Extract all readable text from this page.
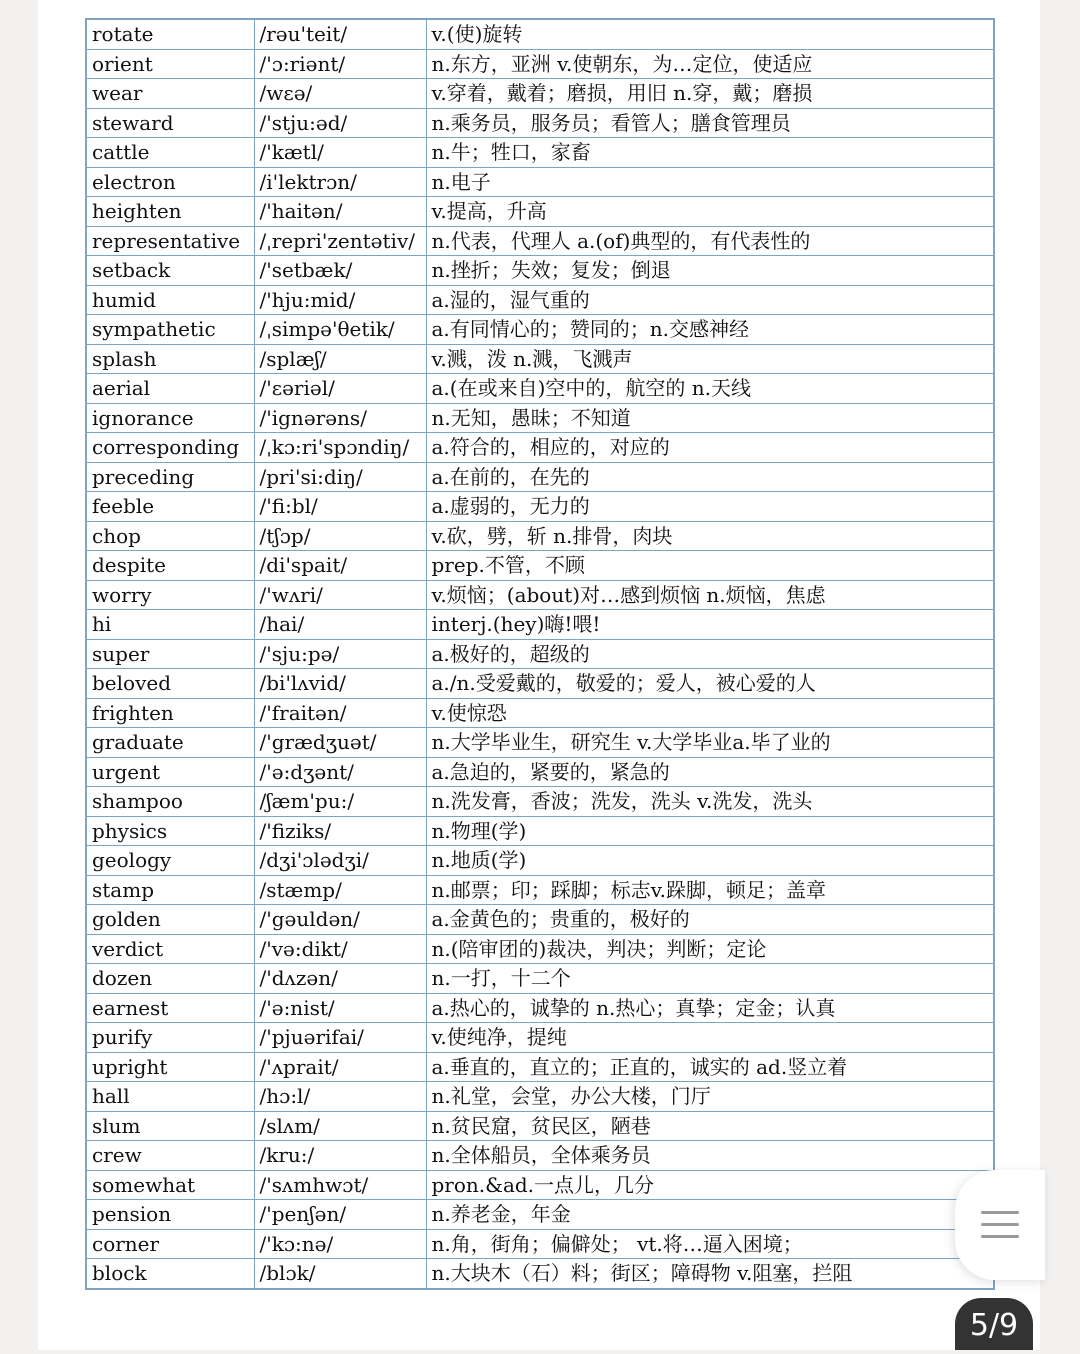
rotate	/rəu'teit/	v.(使)旋转
orient	/'ɔ:riənt/	n.东方，亚洲 v.使朝东，为…定位，使适应
wear	/wɛə/	v.穿着，戴着；磨损，用旧 n.穿，戴；磨损
steward	/'stju:əd/	n.乘务员，服务员；看管人；膳食管理员
cattle	/'kætl/	n.牛；牲口，家畜
electron	/i'lektrɔn/	n.电子
heighten	/'haitən/	v.提高，升高
representative	/ˌrepri'zentətiv/	n.代表，代理人 a.(of)典型的，有代表性的
setback	/'setbæk/	n.挫折；失效；复发；倒退
humid	/'hju:mid/	a.湿的，湿气重的
sympathetic	/ˌsimpə'θetik/	a.有同情心的；赞同的；n.交感神经
splash	/splæʃ/	v.溅，泼 n.溅，飞溅声
aerial	/'ɛəriəl/	a.(在或来自)空中的，航空的 n.天线
ignorance	/'ignərəns/	n.无知，愚昧；不知道
corresponding	/ˌkɔ:ri'spɔndiŋ/	a.符合的，相应的，对应的
preceding	/pri'si:diŋ/	a.在前的，在先的
feeble	/'fi:bl/	a.虚弱的，无力的
chop	/tʃɔp/	v.砍，劈，斩 n.排骨，肉块
despite	/di'spait/	prep.不管，不顾
worry	/'wʌri/	v.烦恼；(about)对…感到烦恼 n.烦恼，焦虑
hi	/hai/	interj.(hey)嗨!喂!
super	/'sju:pə/	a.极好的，超级的
beloved	/bi'lʌvid/	a./n.受爱戴的，敬爱的；爱人，被心爱的人
frighten	/'fraitən/	v.使惊恐
graduate	/'grædʒuət/	n.大学毕业生，研究生 v.大学毕业a.毕了业的
urgent	/'ə:dʒənt/	a.急迫的，紧要的，紧急的
shampoo	/ʃæm'pu:/	n.洗发膏，香波；洗发，洗头 v.洗发，洗头
physics	/'fiziks/	n.物理(学)
geology	/dʒi'ɔlədʒi/	n.地质(学)
stamp	/stæmp/	n.邮票；印；踩脚；标志v.跺脚，顿足；盖章
golden	/'gəuldən/	a.金黄色的；贵重的，极好的
verdict	/'və:dikt/	n.(陪审团的)裁决，判决；判断；定论
dozen	/'dʌzən/	n.一打，十二个
earnest	/'ə:nist/	a.热心的，诚挚的 n.热心；真挚；定金；认真
purify	/'pjuərifai/	v.使纯净，提纯
upright	/'ʌprait/	a.垂直的，直立的；正直的，诚实的 ad.竖立着
hall	/hɔ:l/	n.礼堂，会堂，办公大楼，门厅
slum	/slʌm/	n.贫民窟，贫民区，陋巷
crew	/kru:/	n.全体船员，全体乘务员
somewhat	/'sʌmhwɔt/	pron.&ad.一点儿，几分
pension	/'penʃən/	n.养老金，年金
corner	/'kɔ:nə/	n.角，街角；偏僻处； vt.将…逼入困境；
block	/blɔk/	n.大块木（石）料；街区；障碍物 v.阻塞，拦阻
5/9
